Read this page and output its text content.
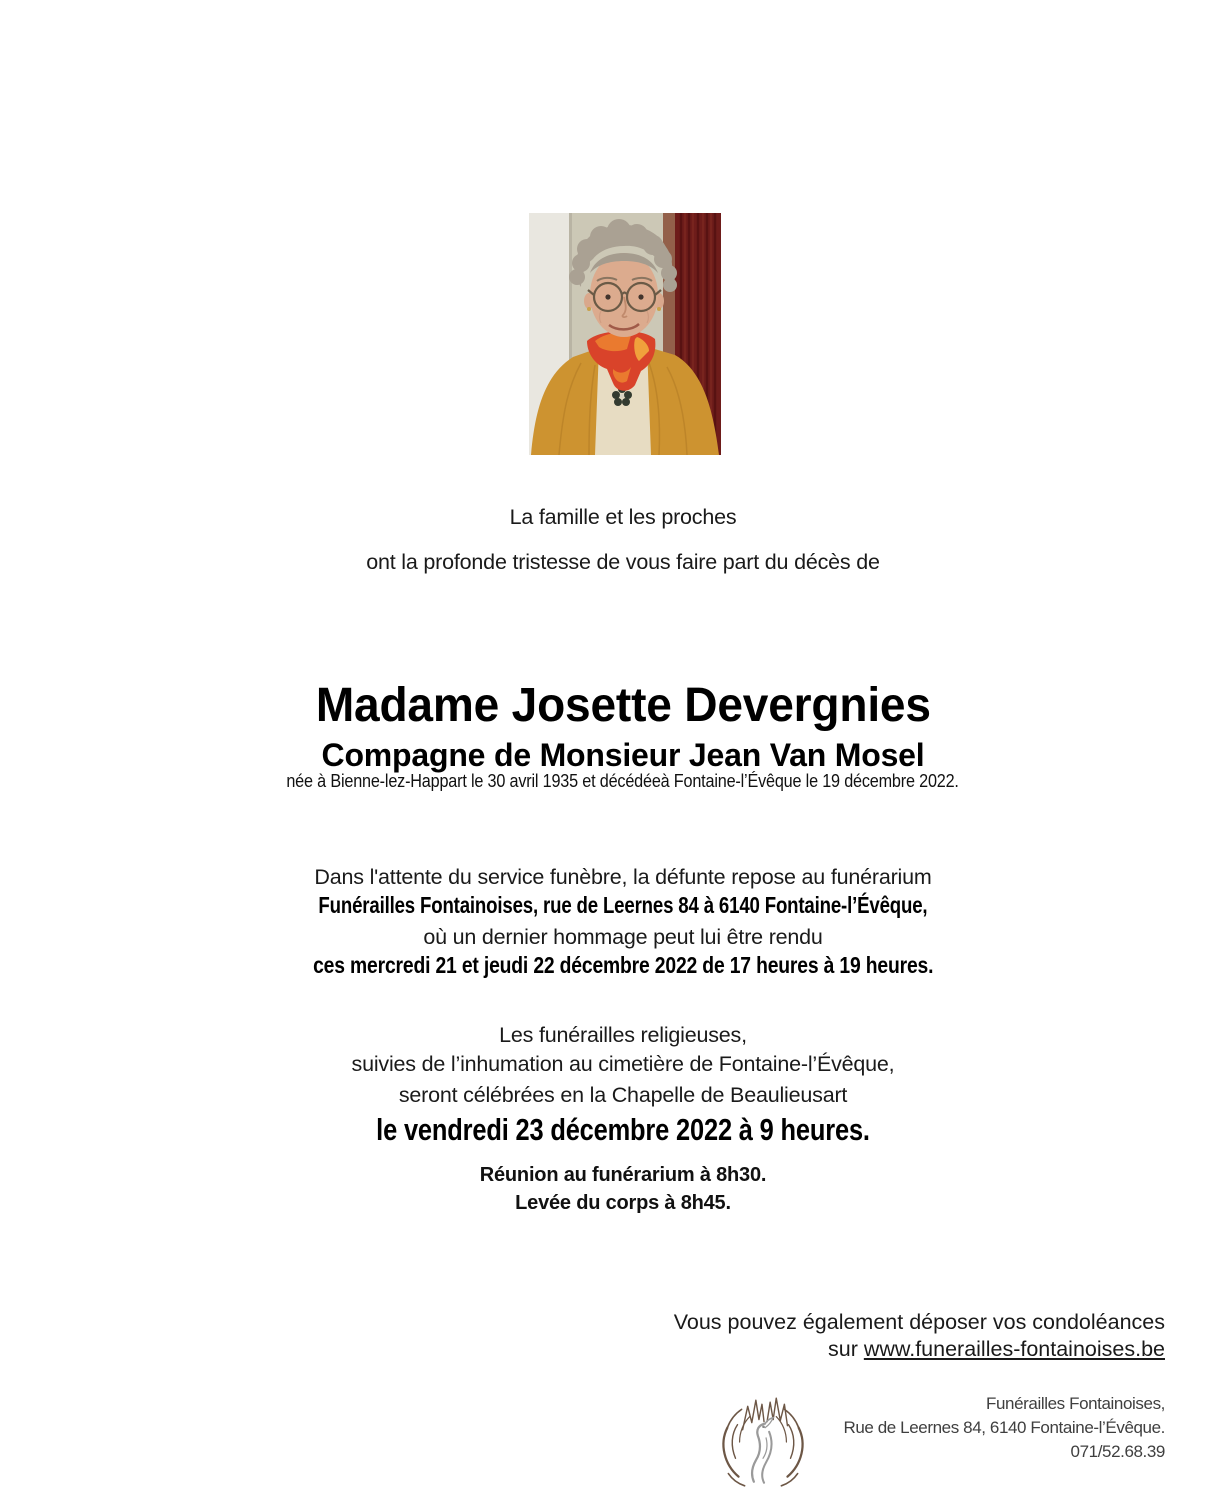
La famille et les proches
ont la profonde tristesse de vous faire part du décès de
Madame Josette Devergnies
Compagne de Monsieur Jean Van Mosel
née à Bienne-lez-Happart le 30 avril 1935 et décédéeà Fontaine-l’Évêque le 19 décembre 2022.
Dans l'attente du service funèbre, la défunte repose au funérarium
Funérailles Fontainoises, rue de Leernes 84 à 6140 Fontaine-l’Évêque,
où un dernier hommage peut lui être rendu
ces mercredi 21 et jeudi 22 décembre 2022 de 17 heures à 19 heures.
Les funérailles religieuses,
suivies de l’inhumation au cimetière de Fontaine-l’Évêque,
seront célébrées en la Chapelle de Beaulieusart
le vendredi 23 décembre 2022 à 9 heures.
Réunion au funérarium à 8h30.
Levée du corps à 8h45.
Vous pouvez également déposer vos condoléances
sur www.funerailles-fontainoises.be
Funérailles Fontainoises,
Rue de Leernes 84, 6140 Fontaine-l’Évêque.
071/52.68.39
